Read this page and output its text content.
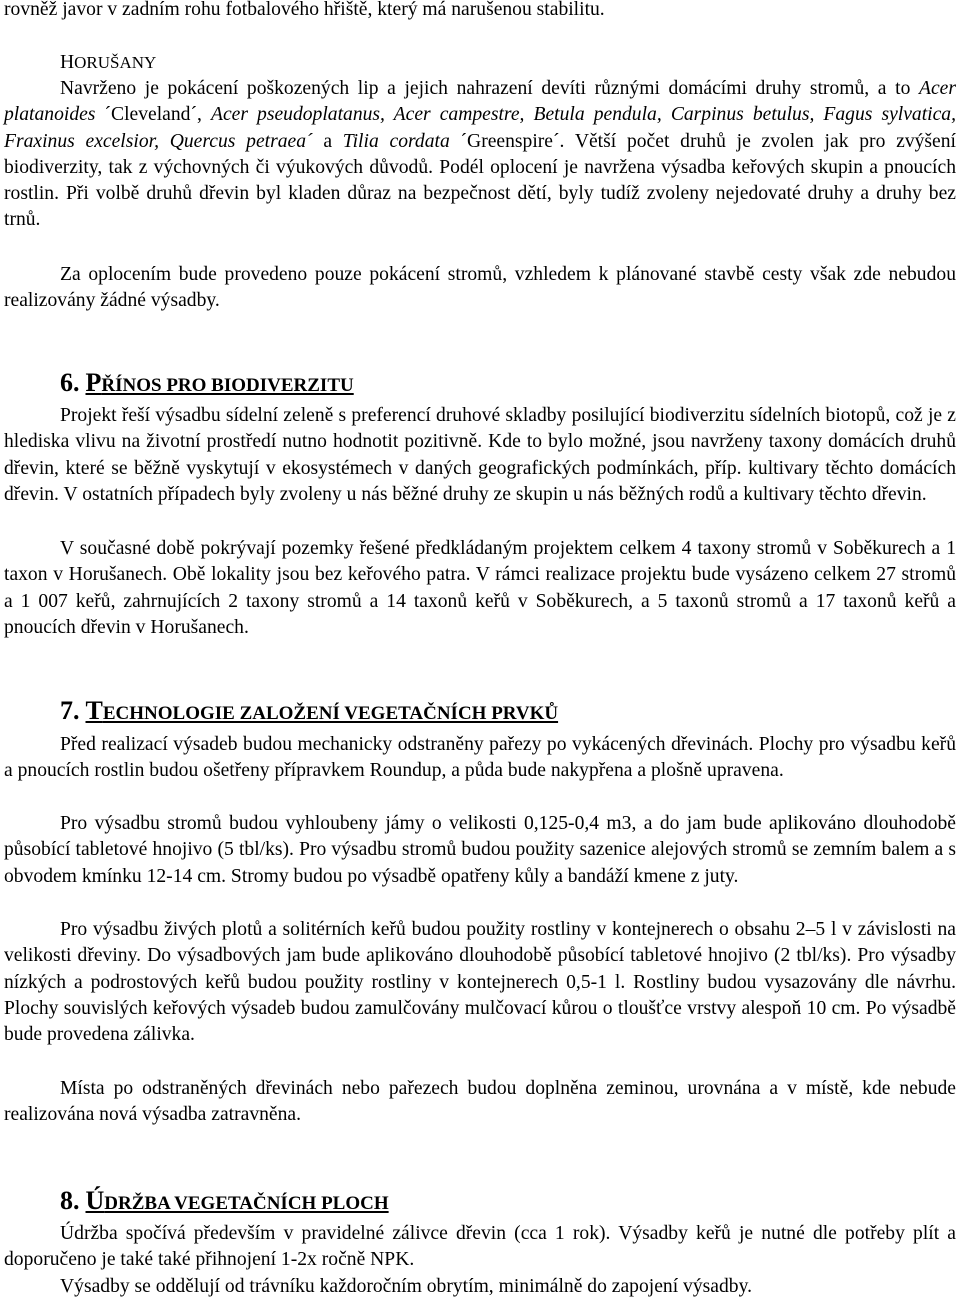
rovněž javor v zadním rohu fotbalového hřiště, který má narušenou stabilitu.

HORUŠANY

Navrženo je pokácení poškozených lip a jejich nahrazení devíti různými domácími druhy stromů, a to Acer platanoides ´Cleveland´, Acer pseudoplatanus, Acer campestre, Betula pendula, Carpinus betulus, Fagus sylvatica, Fraxinus excelsior, Quercus petraea´ a Tilia cordata ´Greenspire´. Větší počet druhů je zvolen jak pro zvýšení biodiverzity, tak z výchovných či výukových důvodů. Podél oplocení je navržena výsadba keřových skupin a pnoucích rostlin. Při volbě druhů dřevin byl kladen důraz na bezpečnost dětí, byly tudíž zvoleny nejedovaté druhy a druhy bez trnů.

Za oplocením bude provedeno pouze pokácení stromů, vzhledem k plánované stavbě cesty však zde nebudou realizovány žádné výsadby.

6. PŘÍNOS PRO BIODIVERZITU

Projekt řeší výsadbu sídelní zeleně s preferencí druhové skladby posilující biodiverzitu sídelních biotopů, což je z hlediska vlivu na životní prostředí nutno hodnotit pozitivně. Kde to bylo možné, jsou navrženy taxony domácích druhů dřevin, které se běžně vyskytují v ekosystémech v daných geografických podmínkách, příp. kultivary těchto domácích dřevin. V ostatních případech byly zvoleny u nás běžné druhy ze skupin u nás běžných rodů a kultivary těchto dřevin.

V současné době pokrývají pozemky řešené předkládaným projektem celkem 4 taxony stromů v Soběkurech a 1 taxon v Horušanech. Obě lokality jsou bez keřového patra. V rámci realizace projektu bude vysázeno celkem 27 stromů a 1 007 keřů, zahrnujících 2 taxony stromů a 14 taxonů keřů v Soběkurech, a 5 taxonů stromů a 17 taxonů keřů a pnoucích dřevin v Horušanech.

7. TECHNOLOGIE ZALOŽENÍ VEGETAČNÍCH PRVKŮ

Před realizací výsadeb budou mechanicky odstraněny pařezy po vykácených dřevinách. Plochy pro výsadbu keřů a pnoucích rostlin budou ošetřeny přípravkem Roundup, a půda bude nakypřena a plošně upravena.

Pro výsadbu stromů budou vyhloubeny jámy o velikosti 0,125-0,4 m3, a do jam bude aplikováno dlouhodobě působící tabletové hnojivo (5 tbl/ks). Pro výsadbu stromů budou použity sazenice alejových stromů se zemním balem a s obvodem kmínku 12-14 cm. Stromy budou po výsadbě opatřeny kůly a bandáží kmene z juty.

Pro výsadbu živých plotů a solitérních keřů budou použity rostliny v kontejnerech o obsahu 2–5 l v závislosti na velikosti dřeviny. Do výsadbových jam bude aplikováno dlouhodobě působící tabletové hnojivo (2 tbl/ks). Pro výsadby nízkých a podrostových keřů budou použity rostliny v kontejnerech 0,5-1 l. Rostliny budou vysazovány dle návrhu. Plochy souvislých keřových výsadeb budou zamulčovány mulčovací kůrou o tloušťce vrstvy alespoň 10 cm. Po výsadbě bude provedena zálivka.

Místa po odstraněných dřevinách nebo pařezech budou doplněna zeminou, urovnána a v místě, kde nebude realizována nová výsadba zatravněna.

8. ÚDRŽBA VEGETAČNÍCH PLOCH

Údržba spočívá především v pravidelné zálivce dřevin (cca 1 rok). Výsadby keřů je nutné dle potřeby plít a doporučeno je také také přihnojení 1-2x ročně NPK.

Výsadby se oddělují od trávníku každoročním obrytím, minimálně do zapojení výsadby.
